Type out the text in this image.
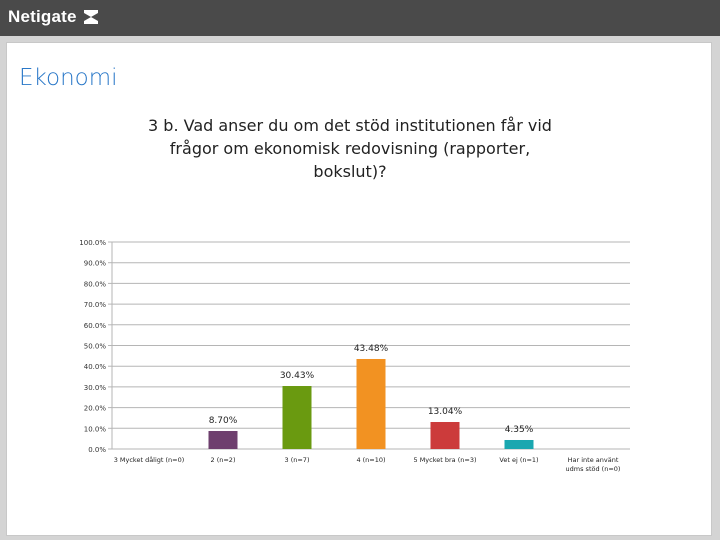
Netigate
Ekonomi
3 b. Vad anser du om det stöd institutionen får vid
frågor om ekonomisk redovisning (rapporter,
bokslut)?
0.0%
10.0%
20.0%
30.0%
40.0%
50.0%
60.0%
70.0%
80.0%
90.0%
100.0%
8.70%
30.43%
43.48%
13.04%
4.35%
3 Mycket dåligt (n=0)	2 (n=2)	3 (n=7)	4 (n=10)	5 Mycket bra (n=3)	Vet ej (n=1)	Har inte använt
udms stöd (n=0)
